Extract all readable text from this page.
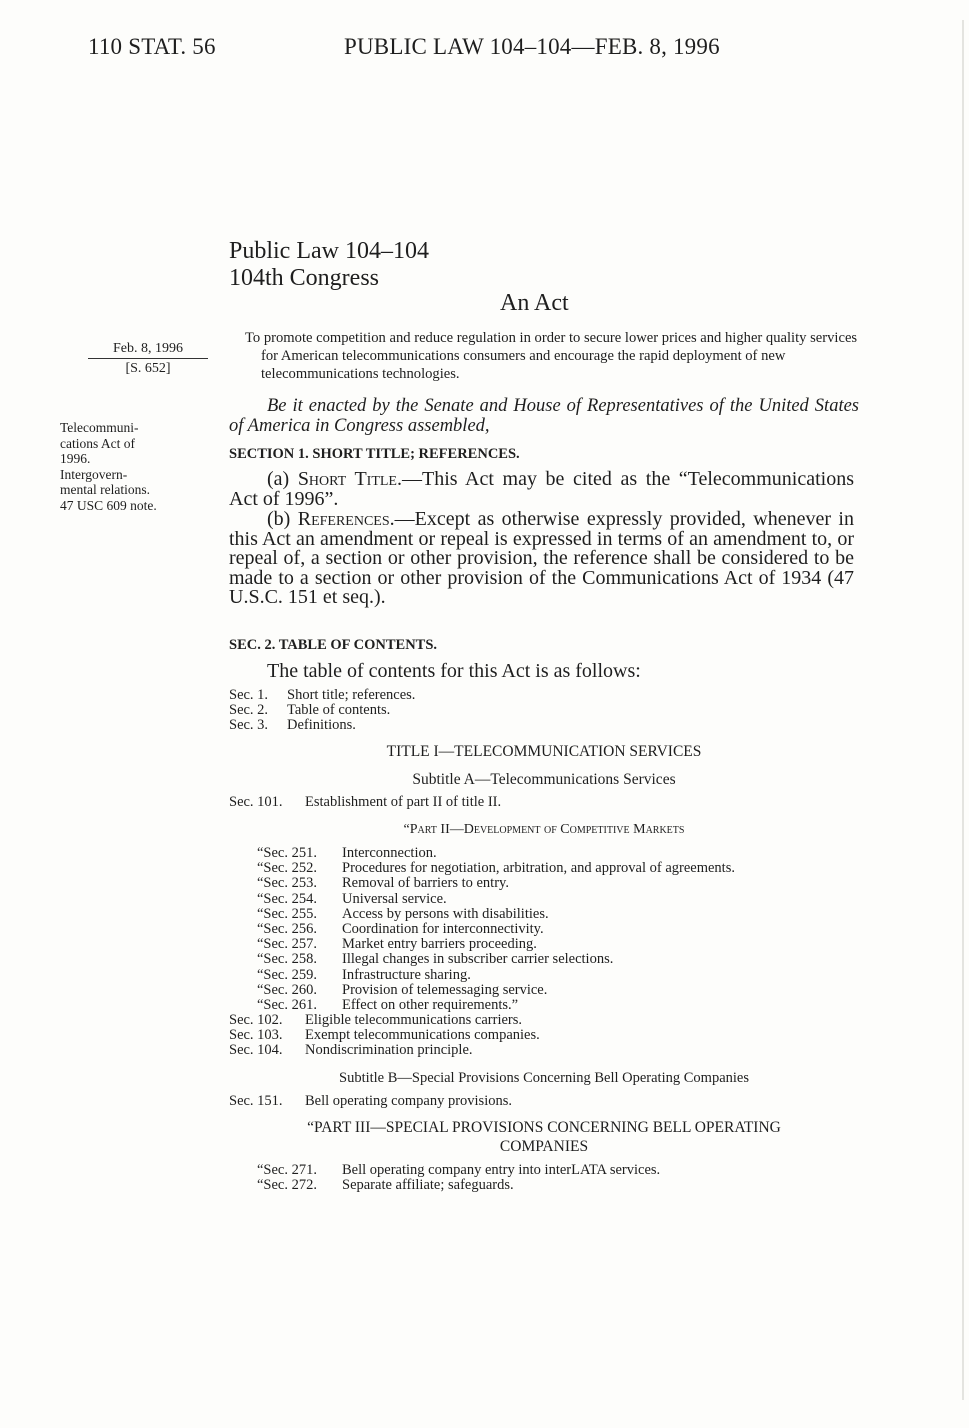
110 STAT. 56	PUBLIC LAW 104–104—FEB. 8, 1996
Public Law 104–104
104th Congress
An Act
Feb. 8, 1996
[S. 652]
Telecommuni-
cations Act of
1996.
Intergovern-
mental relations.
47 USC 609 note.
To promote competition and reduce regulation in order to secure lower prices and higher quality services for American telecommunications consumers and encourage the rapid deployment of new telecommunications technologies.
Be it enacted by the Senate and House of Representatives of the United States of America in Congress assembled,
SECTION 1. SHORT TITLE; REFERENCES.
(a) Short Title.—This Act may be cited as the “Telecommunications Act of 1996”.
(b) References.—Except as otherwise expressly provided, whenever in this Act an amendment or repeal is expressed in terms of an amendment to, or repeal of, a section or other provision, the reference shall be considered to be made to a section or other provision of the Communications Act of 1934 (47 U.S.C. 151 et seq.).
SEC. 2. TABLE OF CONTENTS.
The table of contents for this Act is as follows:
Sec. 1. Short title; references.
Sec. 2. Table of contents.
Sec. 3. Definitions.
TITLE I—TELECOMMUNICATION SERVICES
Subtitle A—Telecommunications Services
Sec. 101. Establishment of part II of title II.
“Part II—Development of Competitive Markets
“Sec. 251. Interconnection.
“Sec. 252. Procedures for negotiation, arbitration, and approval of agreements.
“Sec. 253. Removal of barriers to entry.
“Sec. 254. Universal service.
“Sec. 255. Access by persons with disabilities.
“Sec. 256. Coordination for interconnectivity.
“Sec. 257. Market entry barriers proceeding.
“Sec. 258. Illegal changes in subscriber carrier selections.
“Sec. 259. Infrastructure sharing.
“Sec. 260. Provision of telemessaging service.
“Sec. 261. Effect on other requirements.”
Sec. 102. Eligible telecommunications carriers.
Sec. 103. Exempt telecommunications companies.
Sec. 104. Nondiscrimination principle.
Subtitle B—Special Provisions Concerning Bell Operating Companies
Sec. 151. Bell operating company provisions.
“PART III—SPECIAL PROVISIONS CONCERNING BELL OPERATING
COMPANIES
“Sec. 271. Bell operating company entry into interLATA services.
“Sec. 272. Separate affiliate; safeguards.
